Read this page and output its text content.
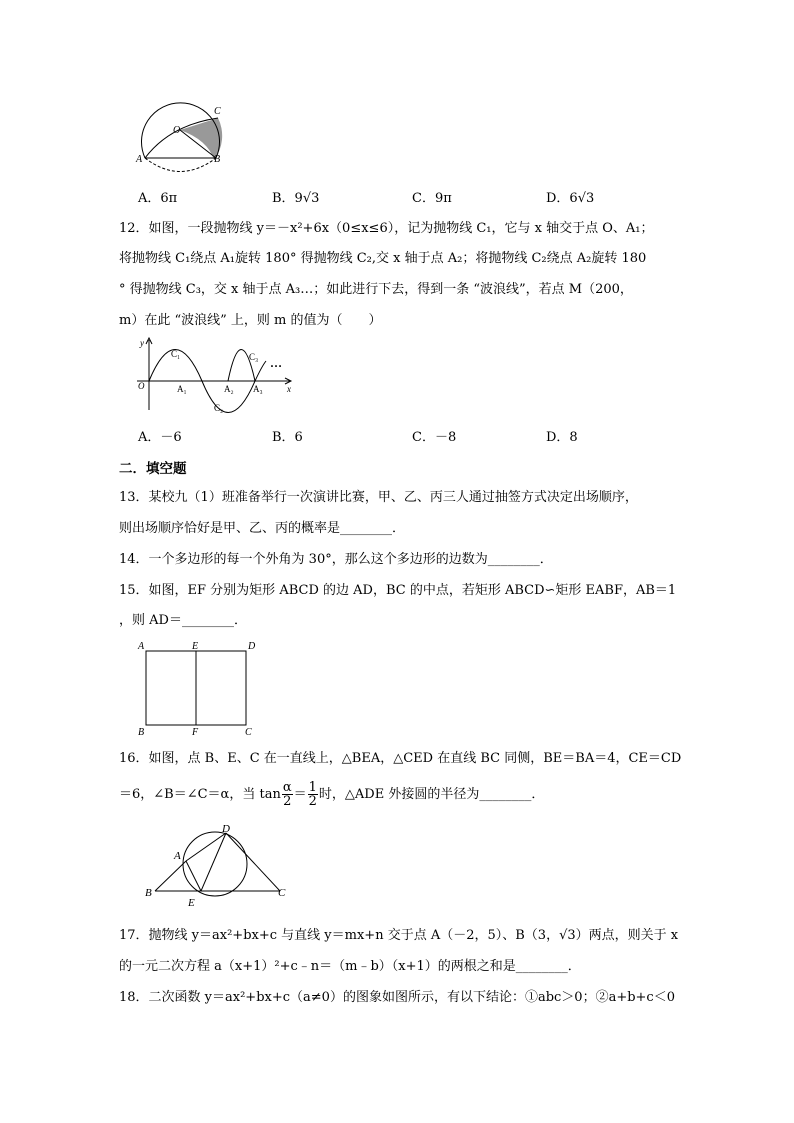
C
O
A	B
A．6π	B．9√3	C．9π	D．6√3
12．如图，一段抛物线 y＝－x²+6x（0≤x≤6），记为抛物线 C₁，它与 x 轴交于点 O、A₁；
将抛物线 C₁绕点 A₁旋转 180° 得抛物线 C₂,交 x 轴于点 A₂；将抛物线 C₂绕点 A₂旋转 180
° 得抛物线 C₃，交 x 轴于点 A₃…；如此进行下去，得到一条 “波浪线”，若点 M（200，
m）在此 “波浪线” 上，则 m 的值为（　　）
y
x
O
C₁
C₂
C₃
A₁	A₂ A₃
…
A．－6	B．6	C．－8	D．8
二．填空题
13．某校九（1）班准备举行一次演讲比赛，甲、乙、丙三人通过抽签方式决定出场顺序，
则出场顺序恰好是甲、乙、丙的概率是________．
14．一个多边形的每一个外角为 30°，那么这个多边形的边数为________．
15．如图，EF 分别为矩形 ABCD 的边 AD，BC 的中点，若矩形 ABCD∽矩形 EABF，AB＝1
，则 AD＝________．
A	E	D
B	F	C
16．如图，点 B、E、C 在一直线上，△BEA，△CED 在直线 BC 同侧，BE＝BA＝4，CE＝CD
＝6，∠B＝∠C＝α，当 $\tan \frac{\alpha}{2} = \frac{1}{2}$ 时，△ADE 外接圆的半径为________．
D
A
B
E
C
17．抛物线 y＝ax²+bx+c 与直线 y＝mx+n 交于点 A（－2，5）、B（3，√3）两点，则关于 x
的一元二次方程 a（x+1）²+c﹣n＝（m﹣b）（x+1）的两根之和是________．
18．二次函数 y＝ax²+bx+c（a≠0）的图象如图所示，有以下结论：①abc＞0；②a+b+c＜0
